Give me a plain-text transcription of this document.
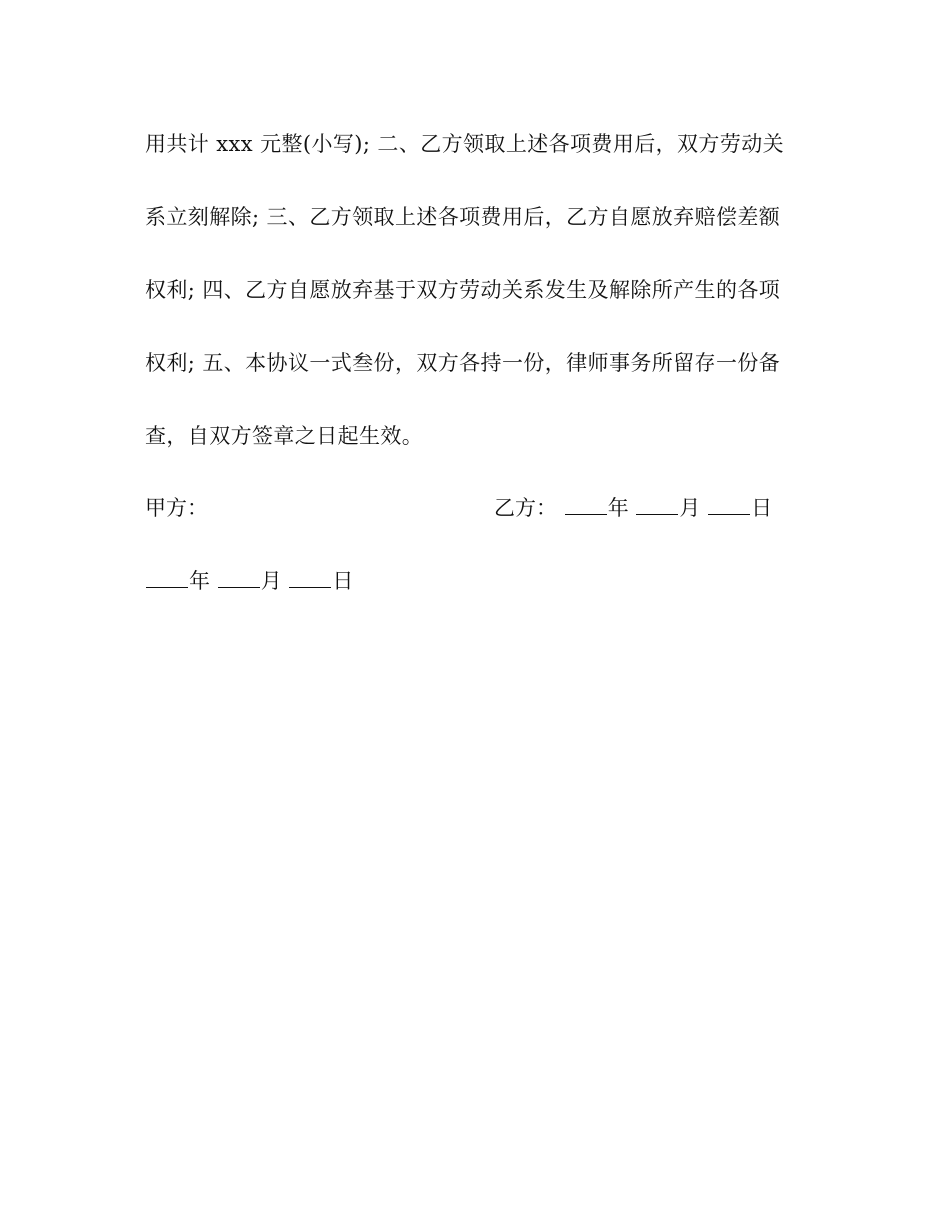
用共计 xxx 元整(小写); 二、乙方领取上述各项费用后，双方劳动关
系立刻解除; 三、乙方领取上述各项费用后，乙方自愿放弃赔偿差额
权利; 四、乙方自愿放弃基于双方劳动关系发生及解除所产生的各项
权利; 五、本协议一式叁份，双方各持一份，律师事务所留存一份备
查，自双方签章之日起生效。
甲方：	乙方： 年 月 日
年 月 日
